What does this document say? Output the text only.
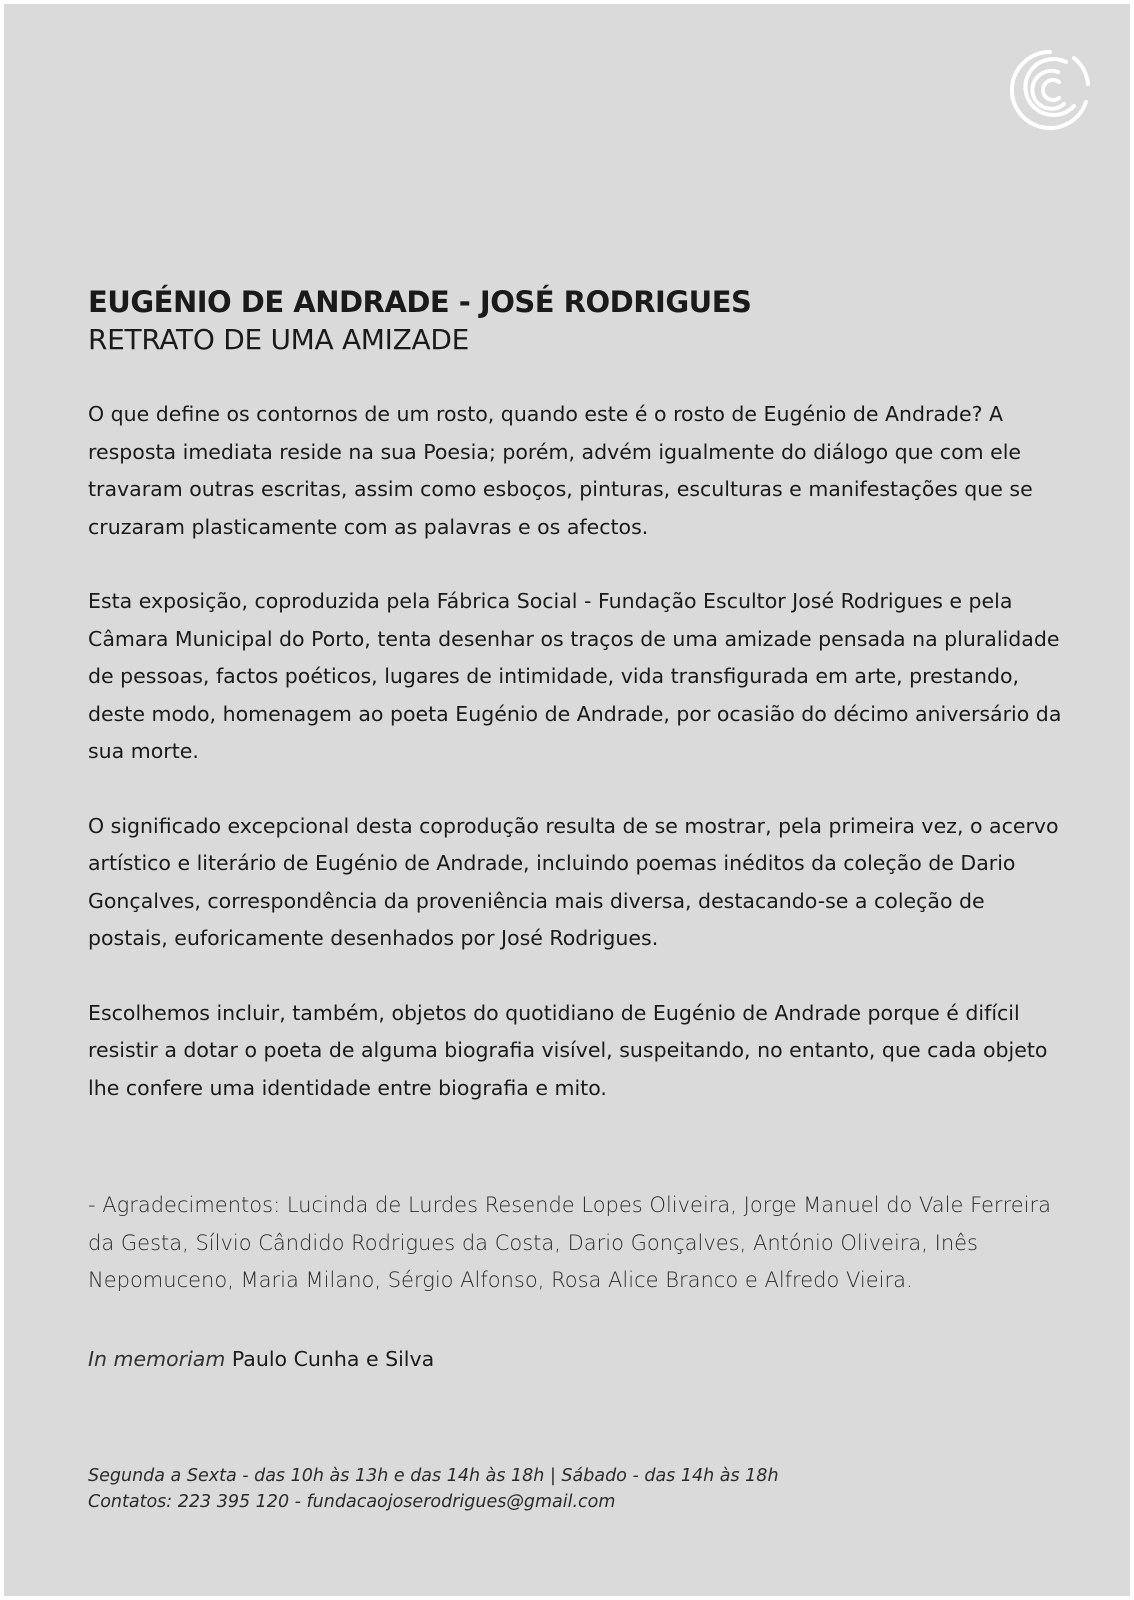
EUGÉNIO DE ANDRADE - JOSÉ RODRIGUES
RETRATO DE UMA AMIZADE

O que define os contornos de um rosto, quando este é o rosto de Eugénio de Andrade? A resposta imediata reside na sua Poesia; porém, advém igualmente do diálogo que com ele travaram outras escritas, assim como esboços, pinturas, esculturas e manifestações que se cruzaram plasticamente com as palavras e os afectos.

Esta exposição, coproduzida pela Fábrica Social - Fundação Escultor José Rodrigues e pela Câmara Municipal do Porto, tenta desenhar os traços de uma amizade pensada na pluralidade de pessoas, factos poéticos, lugares de intimidade, vida transfigurada em arte, prestando, deste modo, homenagem ao poeta Eugénio de Andrade, por ocasião do décimo aniversário da sua morte.

O significado excepcional desta coprodução resulta de se mostrar, pela primeira vez, o acervo artístico e literário de Eugénio de Andrade, incluindo poemas inéditos da coleção de Dario Gonçalves, correspondência da proveniência mais diversa, destacando-se a coleção de postais, euforicamente desenhados por José Rodrigues.

Escolhemos incluir, também, objetos do quotidiano de Eugénio de Andrade porque é difícil resistir a dotar o poeta de alguma biografia visível, suspeitando, no entanto, que cada objeto lhe confere uma identidade entre biografia e mito.

- Agradecimentos: Lucinda de Lurdes Resende Lopes Oliveira, Jorge Manuel do Vale Ferreira da Gesta, Sílvio Cândido Rodrigues da Costa, Dario Gonçalves, António Oliveira, Inês Nepomuceno, Maria Milano, Sérgio Alfonso, Rosa Alice Branco e Alfredo Vieira.

In memoriam Paulo Cunha e Silva

Segunda a Sexta - das 10h às 13h e das 14h às 18h | Sábado - das 14h às 18h
Contatos: 223 395 120 - fundacaojoserodrigues@gmail.com
